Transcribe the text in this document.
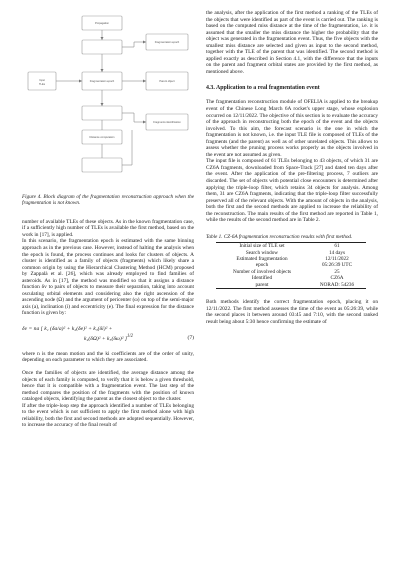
Input
TLEs
Propagation
Fragmentation epoch
Distance computation
Fragmentation epoch
Parent object
Fragments identification
Figure 4. Block diagram of the fragmentation reconstruction approach when the fragmentation is not known.

number of available TLEs of these objects. As in the known fragmentation case, if a sufficiently high number of TLEs is available the first method, based on the work in [17], is applied.

In this scenario, the fragmentation epoch is estimated with the same binning approach as in the previous case. However, instead of halting the analysis when the epoch is found, the process continues and looks for clusters of objects. A cluster is identified as a family of objects (fragments) which likely share a common origin by using the Hierarchical Clustering Method (HCM) proposed by Zappalà et al. [26], which was already employed to find families of asteroids. As in [17], the method was modified so that it assigns a distance function δv to pairs of objects to measure their separation, taking into account osculating orbital elements and considering also the right ascension of the ascending node (Ω) and the argument of pericenter (ω) on top of the semi-major axis (a), inclination (i) and eccentricity (e). The final expression for the distance function is given by:

δv = na [ k₁ (δa/a)² + k₂(δe)² + k₃(δi)² +
k₄(δΩ)² + k₅(δω)² ]$^{1/2}$	(7)

where n is the mean motion and the ki coefficients are of the order of unity, depending on each parameter to which they are associated.

Once the families of objects are identified, the average distance among the objects of each family is computed, to verify that it is below a given threshold, hence that it is compatible with a fragmentation event. The last step of the method compares the position of the fragments with the position of known cataloged objects, identifying the parent as the closest object to the cluster.

If after the triple-loop step the approach identified a number of TLEs belonging to the event which is not sufficient to apply the first method alone with high reliability, both the first and second methods are adopted sequentially. However, to increase the accuracy of the final result of

the analysis, after the application of the first method a ranking of the TLEs of the objects that were identified as part of the event is carried out. The ranking is based on the computed miss distance at the time of the fragmentation, i.e. it is assumed that the smaller the miss distance the higher the probability that the object was generated in the fragmentation event. Thus, the five objects with the smallest miss distance are selected and given as input to the second method, together with the TLE of the parent that was identified. The second method is applied exactly as described in Section 4.1, with the difference that the inputs on the parent and fragment orbital states are provided by the first method, as mentioned above.

4.3. Application to a real fragmentation event

The fragmentation reconstruction module of OFELIA is applied to the breakup event of the Chinese Long March 6A rocket's upper stage, whose explosion occurred on 12/11/2022. The objective of this section is to evaluate the accuracy of the approach in reconstructing both the epoch of the event and the objects involved. To this aim, the forecast scenario is the one in which the fragmentation is not known, i.e. the input TLE file is composed of TLEs of the fragments (and the parent) as well as of other unrelated objects. This allows to assess whether the pruning process works properly as the objects involved in the event are not assumed as given.

The input file is composed of 61 TLEs belonging to 43 objects, of which 31 are CZ6A fragments, downloaded from Space-Track [27] and dated ten days after the event. After the application of the pre-filtering process, 7 outliers are discarded. The set of objects with potential close encounters is determined after applying the triple-loop filter, which retains 34 objects for analysis. Among them, 31 are CZ6A fragments, indicating that the triple-loop filter successfully preserved all of the relevant objects. With the amount of objects in the analysis, both the first and the second methods are applied to increase the reliability of the reconstruction. The main results of the first method are reported in Table 1, while the results of the second method are in Table 2.

Table 1. CZ-6A fragmentation reconstruction results with first method.
Initial size of TLE set	61
Search window	14 days
Estimated fragmentation	12/11/2022
epoch	05:26:39 UTC
Number of involved objects	25
Identified	CZ6A
parent	NORAD: 54236

Both methods identify the correct fragmentation epoch, placing it on 12/11/2022. The first method assesses the time of the event as 05:26:39, while the second places it between around 03:45 and 7:10, with the second ranked result being about 5:30 hence confirming the estimate of
